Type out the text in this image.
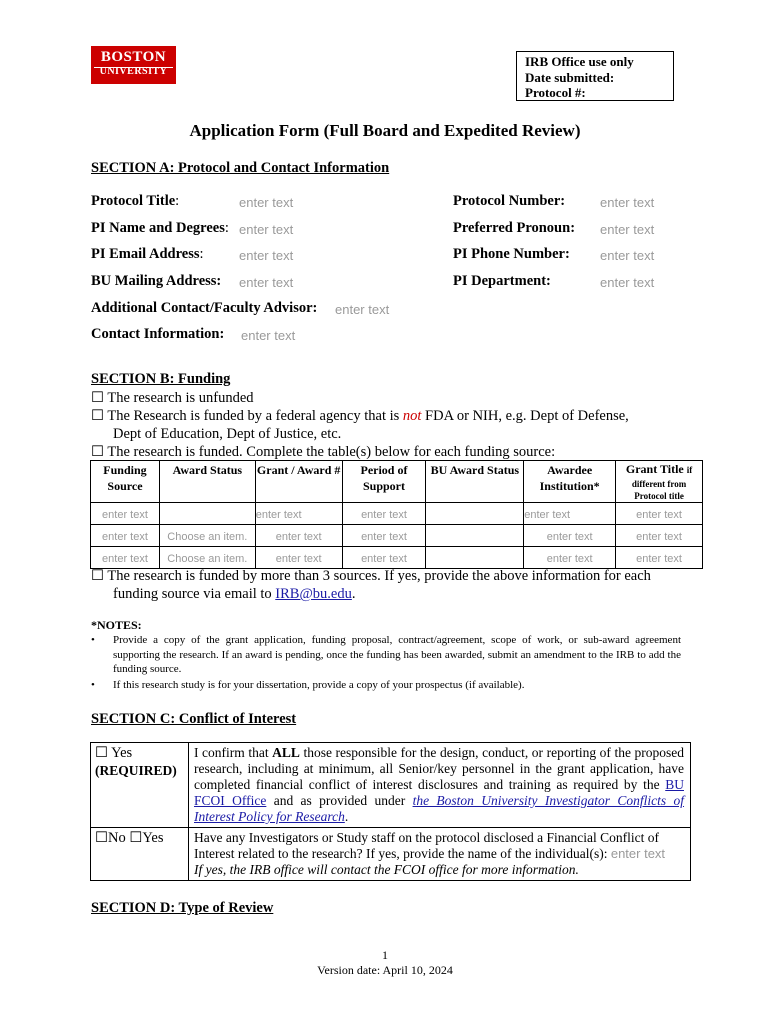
BOSTON
UNIVERSITY
IRB Office use only
Date submitted:
Protocol #:
Application Form (Full Board and Expedited Review)
SECTION A: Protocol and Contact Information
Protocol Title:	enter text	Protocol Number:	enter text
PI Name and Degrees: enter text	Preferred Pronoun: enter text
PI Email Address:	enter text	PI Phone Number: enter text
BU Mailing Address: enter text	PI Department:	enter text
Additional Contact/Faculty Advisor: enter text
Contact Information: enter text
SECTION B: Funding
☐ The research is unfunded
☐ The Research is funded by a federal agency that is not FDA or NIH, e.g. Dept of Defense,
Dept of Education, Dept of Justice, etc.
☐ The research is funded. Complete the table(s) below for each funding source:
Funding Source	Award Status	Grant / Award #	Period of Support	BU Award Status	Awardee Institution*	Grant Title if
different from Protocol title

enter text		enter text	enter text		enter text	enter text
enter text	Choose an item.	enter text	enter text		enter text	enter text
enter text	Choose an item.	enter text	enter text		enter text	enter text
☐ The research is funded by more than 3 sources. If yes, provide the above information for each
funding source via email to IRB@bu.edu.
*NOTES:
•	Provide a copy of the grant application, funding proposal, contract/agreement, scope of work, or sub-award agreement supporting the research. If an award is pending, once the funding has been awarded, submit an amendment to the IRB to add the funding source.
•	If this research study is for your dissertation, provide a copy of your prospectus (if available).
SECTION C: Conflict of Interest
☐ Yes
(REQUIRED)	I confirm that ALL those responsible for the design, conduct, or reporting of the proposed research, including at minimum, all Senior/key personnel in the grant application, have completed financial conflict of interest disclosures and training as required by the BU FCOI Office and as provided under the Boston University Investigator Conflicts of Interest Policy for Research.
☐No ☐Yes	Have any Investigators or Study staff on the protocol disclosed a Financial Conflict of Interest related to the research? If yes, provide the name of the individual(s): enter text
If yes, the IRB office will contact the FCOI office for more information.
SECTION D: Type of Review
1
Version date: April 10, 2024
